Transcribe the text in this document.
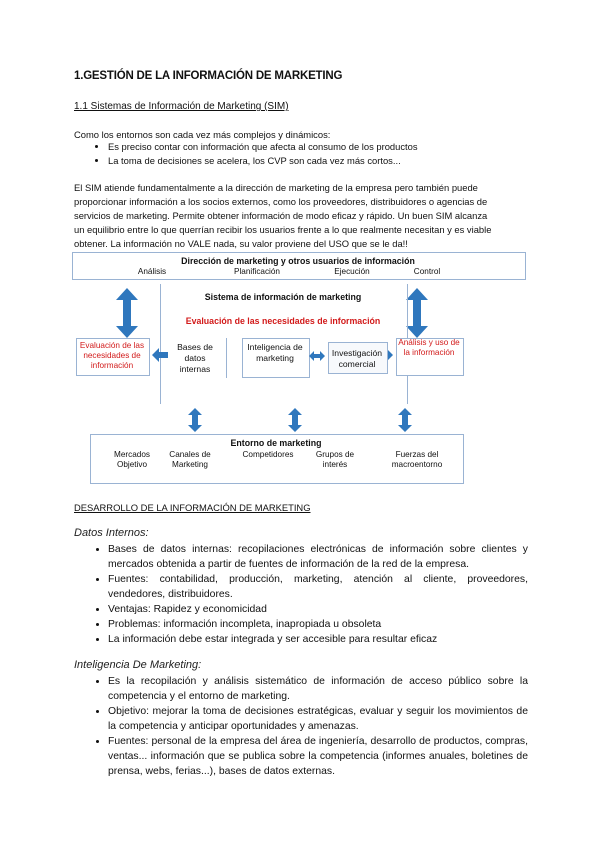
1.GESTIÓN DE LA INFORMACIÓN DE MARKETING
1.1 Sistemas de Información de Marketing (SIM)
Como los entornos son cada vez más complejos y dinámicos:
• Es preciso contar con información que afecta al consumo de los productos
• La toma de decisiones se acelera, los CVP son cada vez más cortos...
El SIM atiende fundamentalmente a la dirección de marketing de la empresa pero también puede
proporcionar información a los socios externos, como los proveedores, distribuidores o agencias de
servicios de marketing. Permite obtener información de modo eficaz y rápido. Un buen SIM alcanza
un equilibrio entre lo que querrían recibir los usuarios frente a lo que realmente necesitan y es viable
obtener. La información no VALE nada, su valor proviene del USO que se le da!!
Dirección de marketing y otros usuarios de información
Análisis	Planificación	Ejecución	Control
Sistema de información de marketing
Evaluación de las necesidades de información
Evaluación de las necesidades de información
Análisis y uso de la información
Bases de datos internas
Inteligencia de marketing	Investigación comercial
Entorno de marketing
Mercados Objetivo
Canales de Marketing
Competidores	Grupos de interés
Fuerzas del macroentorno
DESARROLLO DE LA INFORMACIÓN DE MARKETING
Datos Internos:
• Bases de datos internas: recopilaciones electrónicas de información sobre clientes y mercados obtenida a partir de fuentes de información de la red de la empresa.
• Fuentes: contabilidad, producción, marketing, atención al cliente, proveedores, vendedores, distribuidores.
• Ventajas: Rapidez y economicidad
• Problemas: información incompleta, inapropiada u obsoleta
• La información debe estar integrada y ser accesible para resultar eficaz
Inteligencia De Marketing:
• Es la recopilación y análisis sistemático de información de acceso público sobre la competencia y el entorno de marketing.
• Objetivo: mejorar la toma de decisiones estratégicas, evaluar y seguir los movimientos de la competencia y anticipar oportunidades y amenazas.
• Fuentes: personal de la empresa del área de ingeniería, desarrollo de productos, compras, ventas... información que se publica sobre la competencia (informes anuales, boletines de prensa, webs, ferias...), bases de datos externas.
